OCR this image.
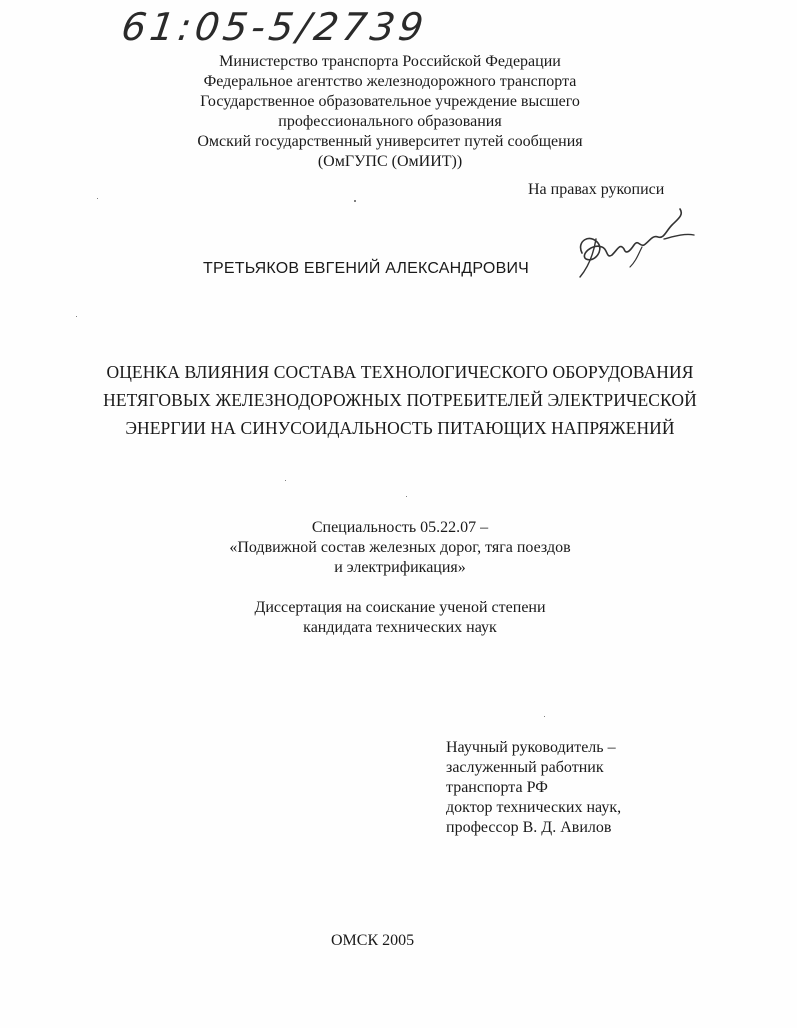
61:05-5/2739
Министерство транспорта Российской Федерации
Федеральное агентство железнодорожного транспорта
Государственное образовательное учреждение высшего
профессионального образования
Омский государственный университет путей сообщения
(ОмГУПС (ОмИИТ))
На правах рукописи
ТРЕТЬЯКОВ ЕВГЕНИЙ АЛЕКСАНДРОВИЧ
ОЦЕНКА ВЛИЯНИЯ СОСТАВА ТЕХНОЛОГИЧЕСКОГО ОБОРУДОВАНИЯ
НЕТЯГОВЫХ ЖЕЛЕЗНОДОРОЖНЫХ ПОТРЕБИТЕЛЕЙ ЭЛЕКТРИЧЕСКОЙ
ЭНЕРГИИ НА СИНУСОИДАЛЬНОСТЬ ПИТАЮЩИХ НАПРЯЖЕНИЙ
Специальность 05.22.07 –
«Подвижной состав железных дорог, тяга поездов
и электрификация»
Диссертация на соискание ученой степени
кандидата технических наук
Научный руководитель –
заслуженный работник
транспорта РФ
доктор технических наук,
профессор В. Д. Авилов
ОМСК 2005
